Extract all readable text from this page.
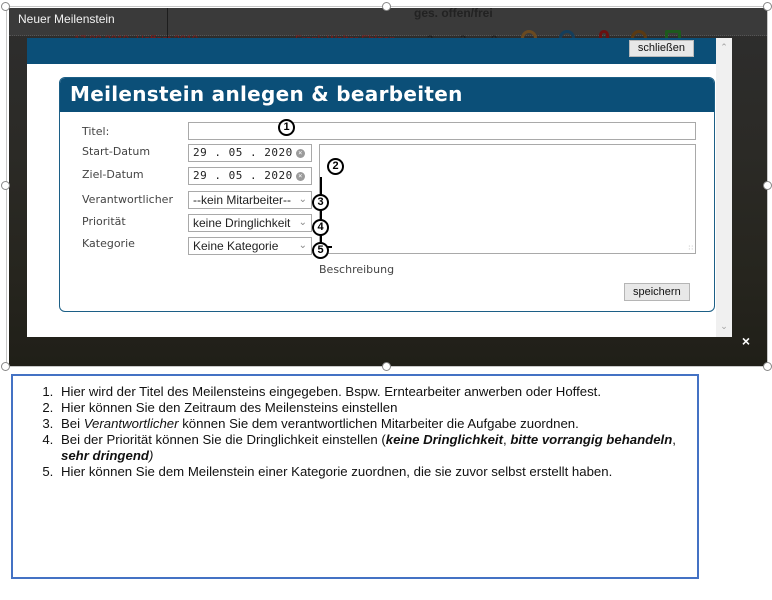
ges. offen/frei
Neuer Meilenstein
schließen	⌃
⌄
Meilenstein anlegen & bearbeiten
Titel:
Start-Datum	29 . 05 . 2020 ×
Ziel-Datum	29 . 05 . 2020 ×
Verantwortlicher	--kein Mitarbeiter-- ⌄
Priorität	keine Dringlichkeit ⌄
Kategorie	Keine Kategorie ⌄	∷
Beschreibung
speichern
1
2
3
4
5
×
1. Hier wird der Titel des Meilensteins eingegeben. Bspw. Erntearbeiter anwerben oder Hoffest.
2. Hier können Sie den Zeitraum des Meilensteins einstellen
3. Bei Verantwortlicher können Sie dem verantwortlichen Mitarbeiter die Aufgabe zuordnen.
4. Bei der Priorität können Sie die Dringlichkeit einstellen (keine Dringlichkeit, bitte vorrangig behandeln, sehr dringend)
5. Hier können Sie dem Meilenstein einer Kategorie zuordnen, die sie zuvor selbst erstellt haben.
